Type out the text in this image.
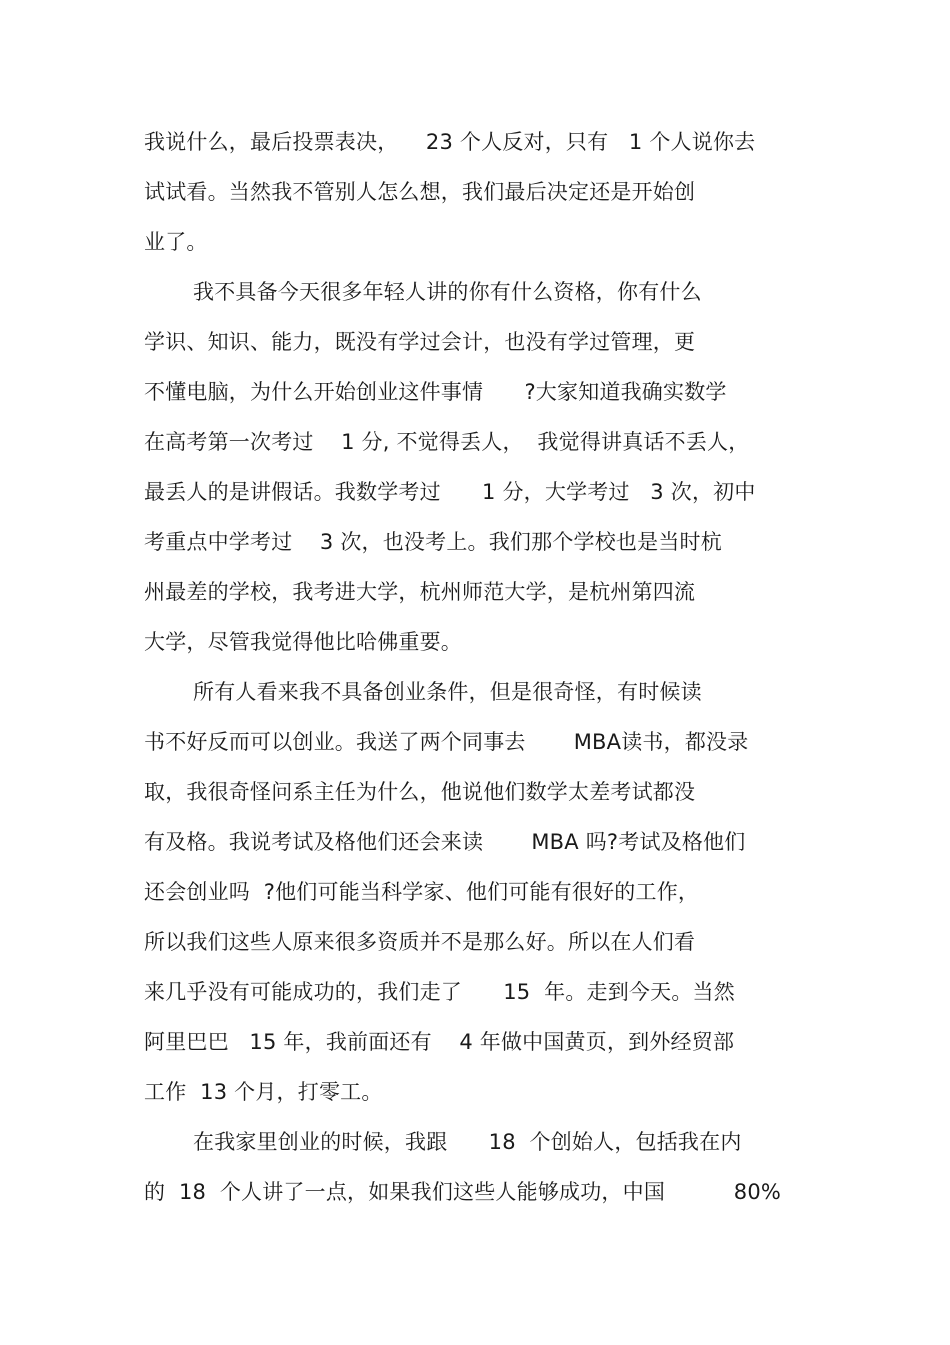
我说什么，最后投票表决，    23 个人反对，只有   1 个人说你去
试试看。当然我不管别人怎么想，我们最后决定还是开始创
业了。
我不具备今天很多年轻人讲的你有什么资格，你有什么
学识、知识、能力，既没有学过会计，也没有学过管理，更
不懂电脑，为什么开始创业这件事情      ?大家知道我确实数学
在高考第一次考过    1 分, 不觉得丢人，  我觉得讲真话不丢人，
最丢人的是讲假话。我数学考过      1 分，大学考过   3 次，初中
考重点中学考过    3 次，也没考上。我们那个学校也是当时杭
州最差的学校，我考进大学，杭州师范大学，是杭州第四流
大学，尽管我觉得他比哈佛重要。
所有人看来我不具备创业条件，但是很奇怪，有时候读
书不好反而可以创业。我送了两个同事去       MBA读书，都没录
取，我很奇怪问系主任为什么，他说他们数学太差考试都没
有及格。我说考试及格他们还会来读       MBA 吗?考试及格他们
还会创业吗  ?他们可能当科学家、他们可能有很好的工作，
所以我们这些人原来很多资质并不是那么好。所以在人们看
来几乎没有可能成功的，我们走了      15  年。走到今天。当然
阿里巴巴   15 年，我前面还有    4 年做中国黄页，到外经贸部
工作  13 个月，打零工。
在我家里创业的时候，我跟      18  个创始人，包括我在内
的  18  个人讲了一点，如果我们这些人能够成功，中国          80%
